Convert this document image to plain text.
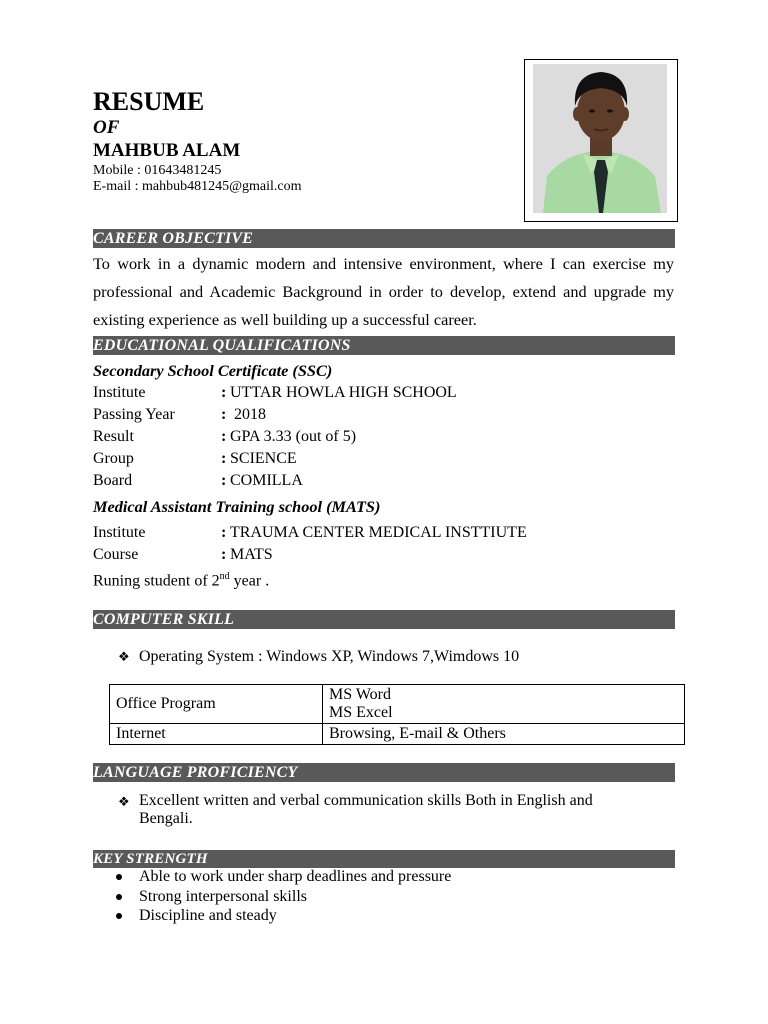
RESUME
OF
MAHBUB ALAM
Mobile : 01643481245
E-mail : mahbub481245@gmail.com
CAREER OBJECTIVE
To work in a dynamic modern and intensive environment, where I can exercise my professional and Academic Background in order to develop, extend and upgrade my existing experience as well building up a successful career.
EDUCATIONAL QUALIFICATIONS
Secondary School Certificate (SSC)
Institute	: UTTAR HOWLA HIGH SCHOOL
Passing Year	: 2018
Result	: GPA 3.33 (out of 5)
Group	: SCIENCE
Board	: COMILLA
Medical Assistant Training school (MATS)
Institute	: TRAUMA CENTER MEDICAL INSTTIUTE
Course	: MATS
Runing student of 2nd year .
COMPUTER SKILL
❖ Operating System : Windows XP, Windows 7,Wimdows 10
Office Program	MS Word
MS Excel

Internet	Browsing, E-mail & Others
LANGUAGE PROFICIENCY
❖ Excellent written and verbal communication skills Both in English and
Bengali.
KEY STRENGTH
Able to work under sharp deadlines and pressure
Strong interpersonal skills
Discipline and steady
